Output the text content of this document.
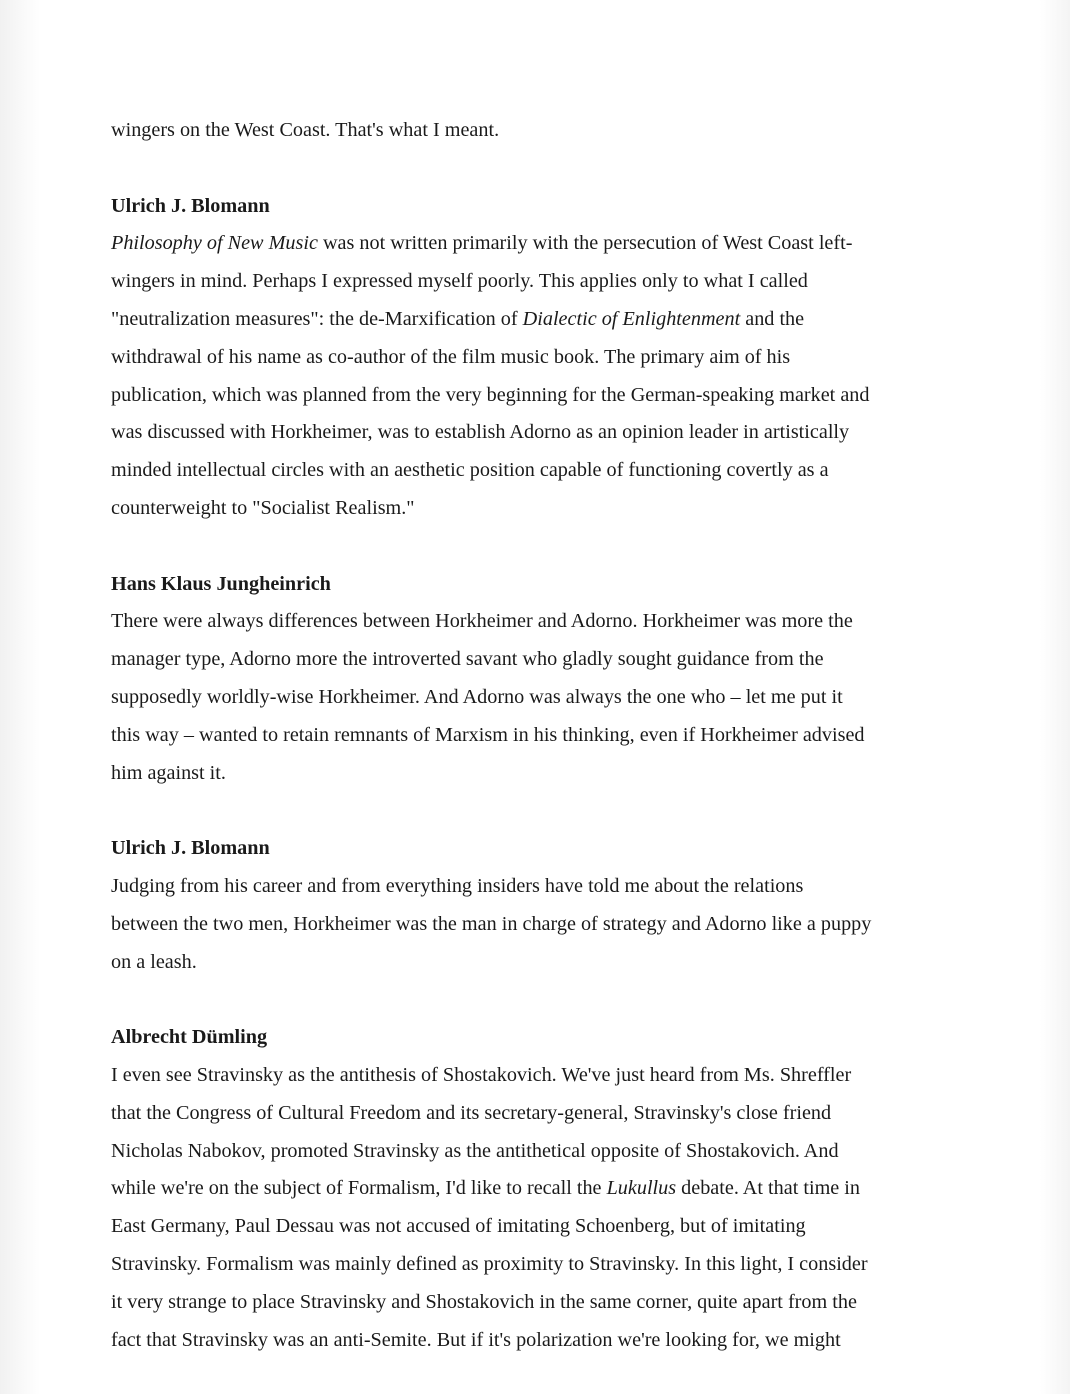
wingers on the West Coast. That's what I meant.

Ulrich J. Blomann

Philosophy of New Music was not written primarily with the persecution of West Coast left-
wingers in mind. Perhaps I expressed myself poorly. This applies only to what I called
"neutralization measures": the de-Marxification of Dialectic of Enlightenment and the
withdrawal of his name as co-author of the film music book. The primary aim of his
publication, which was planned from the very beginning for the German-speaking market and
was discussed with Horkheimer, was to establish Adorno as an opinion leader in artistically
minded intellectual circles with an aesthetic position capable of functioning covertly as a
counterweight to "Socialist Realism."

Hans Klaus Jungheinrich

There were always differences between Horkheimer and Adorno. Horkheimer was more the
manager type, Adorno more the introverted savant who gladly sought guidance from the
supposedly worldly-wise Horkheimer. And Adorno was always the one who – let me put it
this way – wanted to retain remnants of Marxism in his thinking, even if Horkheimer advised
him against it.

Ulrich J. Blomann

Judging from his career and from everything insiders have told me about the relations
between the two men, Horkheimer was the man in charge of strategy and Adorno like a puppy
on a leash.

Albrecht Dümling

I even see Stravinsky as the antithesis of Shostakovich. We've just heard from Ms. Shreffler
that the Congress of Cultural Freedom and its secretary-general, Stravinsky's close friend
Nicholas Nabokov, promoted Stravinsky as the antithetical opposite of Shostakovich. And
while we're on the subject of Formalism, I'd like to recall the Lukullus debate. At that time in
East Germany, Paul Dessau was not accused of imitating Schoenberg, but of imitating
Stravinsky. Formalism was mainly defined as proximity to Stravinsky. In this light, I consider
it very strange to place Stravinsky and Shostakovich in the same corner, quite apart from the
fact that Stravinsky was an anti-Semite. But if it's polarization we're looking for, we might
